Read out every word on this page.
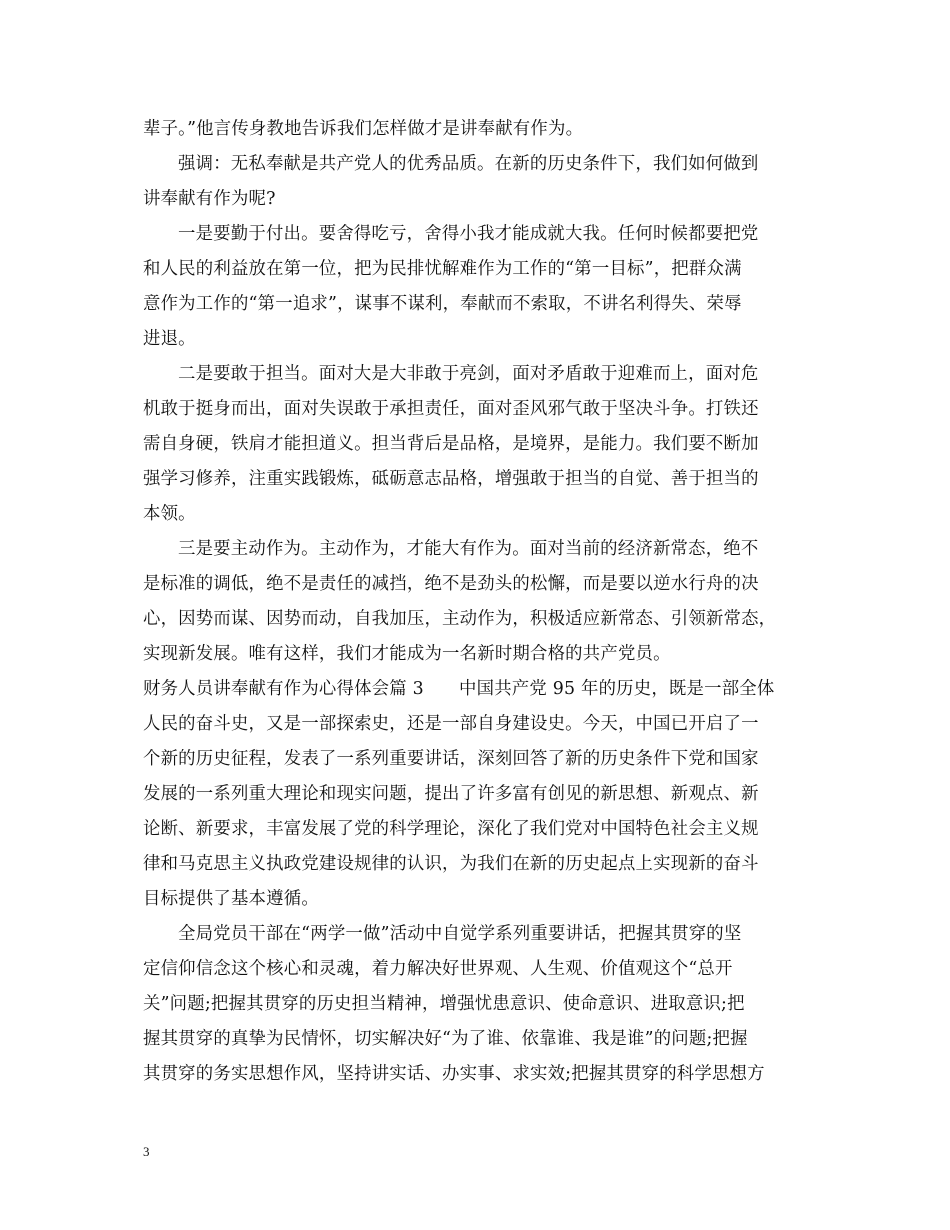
辈子。”他言传身教地告诉我们怎样做才是讲奉献有作为。
强调：无私奉献是共产党人的优秀品质。在新的历史条件下，我们如何做到
讲奉献有作为呢?
一是要勤于付出。要舍得吃亏，舍得小我才能成就大我。任何时候都要把党
和人民的利益放在第一位，把为民排忧解难作为工作的“第一目标”，把群众满
意作为工作的“第一追求”，谋事不谋利，奉献而不索取，不讲名利得失、荣辱
进退。
二是要敢于担当。面对大是大非敢于亮剑，面对矛盾敢于迎难而上，面对危
机敢于挺身而出，面对失误敢于承担责任，面对歪风邪气敢于坚决斗争。打铁还
需自身硬，铁肩才能担道义。担当背后是品格，是境界，是能力。我们要不断加
强学习修养，注重实践锻炼，砥砺意志品格，增强敢于担当的自觉、善于担当的
本领。
三是要主动作为。主动作为，才能大有作为。面对当前的经济新常态，绝不
是标准的调低，绝不是责任的减挡，绝不是劲头的松懈，而是要以逆水行舟的决
心，因势而谋、因势而动，自我加压，主动作为，积极适应新常态、引领新常态，
实现新发展。唯有这样，我们才能成为一名新时期合格的共产党员。
财务人员讲奉献有作为心得体会篇 3　　中国共产党 95 年的历史，既是一部全体
人民的奋斗史，又是一部探索史，还是一部自身建设史。今天，中国已开启了一
个新的历史征程，发表了一系列重要讲话，深刻回答了新的历史条件下党和国家
发展的一系列重大理论和现实问题，提出了许多富有创见的新思想、新观点、新
论断、新要求，丰富发展了党的科学理论，深化了我们党对中国特色社会主义规
律和马克思主义执政党建设规律的认识，为我们在新的历史起点上实现新的奋斗
目标提供了基本遵循。
全局党员干部在“两学一做”活动中自觉学系列重要讲话，把握其贯穿的坚
定信仰信念这个核心和灵魂，着力解决好世界观、人生观、价值观这个“总开
关”问题;把握其贯穿的历史担当精神，增强忧患意识、使命意识、进取意识;把
握其贯穿的真挚为民情怀，切实解决好“为了谁、依靠谁、我是谁”的问题;把握
其贯穿的务实思想作风，坚持讲实话、办实事、求实效;把握其贯穿的科学思想方
3
